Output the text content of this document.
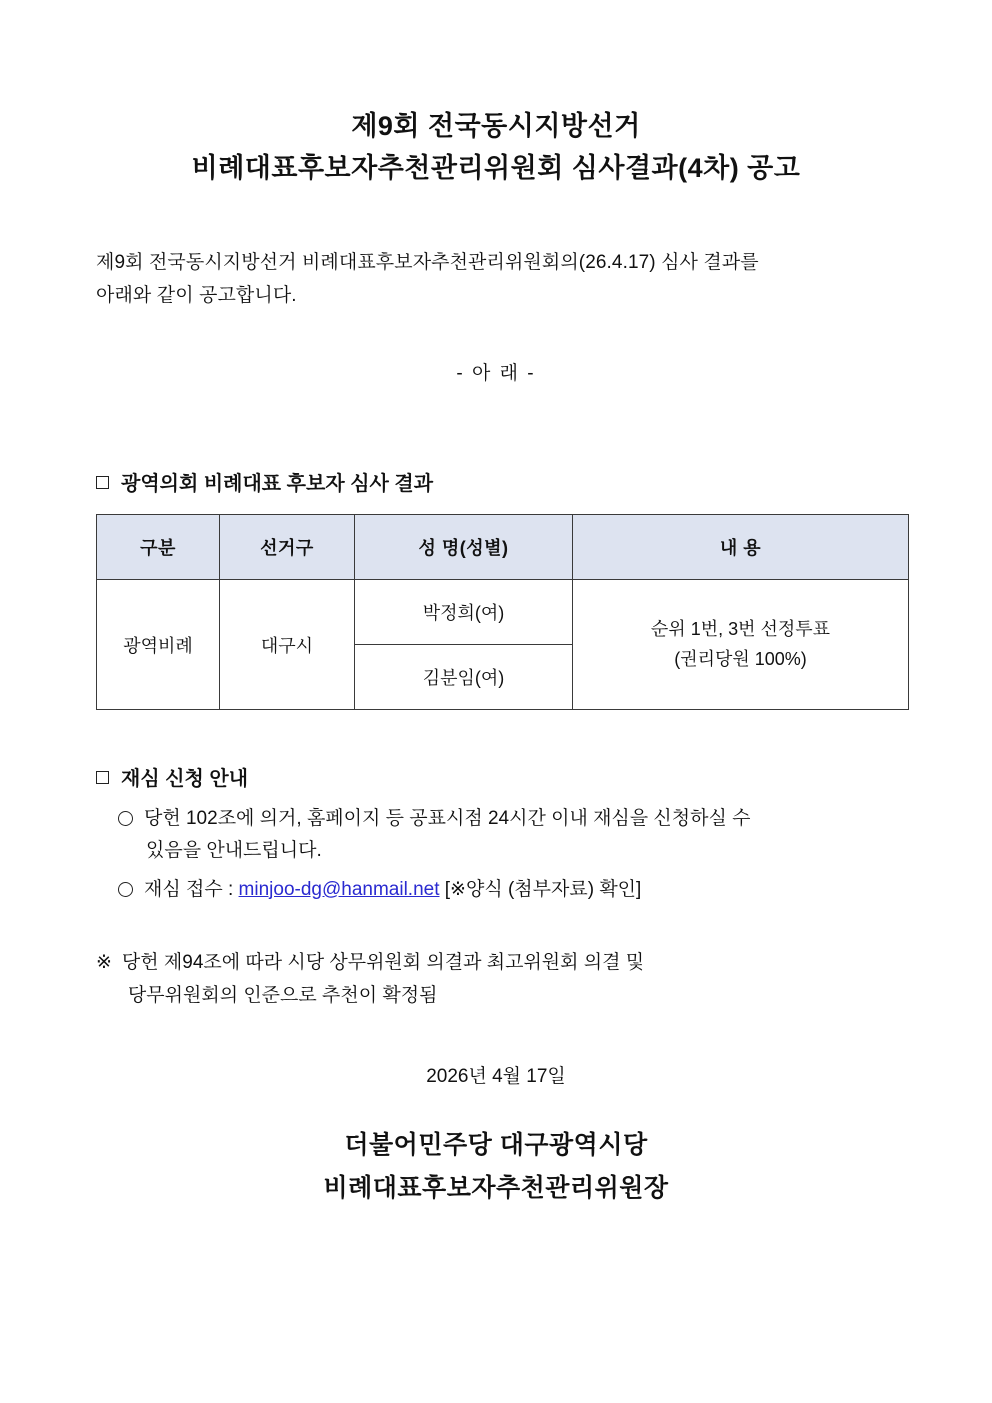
제9회 전국동시지방선거
비례대표후보자추천관리위원회 심사결과(4차) 공고
제9회 전국동시지방선거 비례대표후보자추천관리위원회의(26.4.17) 심사 결과를
아래와 같이 공고합니다.
- 아 래 -
광역의회 비례대표 후보자 심사 결과
구분	선거구	성 명(성별)	내 용
광역비례	대구시	박정희(여)	순위 1번, 3번 선정투표
(권리당원 100%)
		김분임(여)	
재심 신청 안내
당헌 102조에 의거, 홈페이지 등 공표시점 24시간 이내 재심을 신청하실 수
있음을 안내드립니다.
재심 접수 : minjoo-dg@hanmail.net [※양식 (첨부자료) 확인]
※ 당헌 제94조에 따라 시당 상무위원회 의결과 최고위원회 의결 및
당무위원회의 인준으로 추천이 확정됨
2026년 4월 17일
더불어민주당 대구광역시당
비례대표후보자추천관리위원장
